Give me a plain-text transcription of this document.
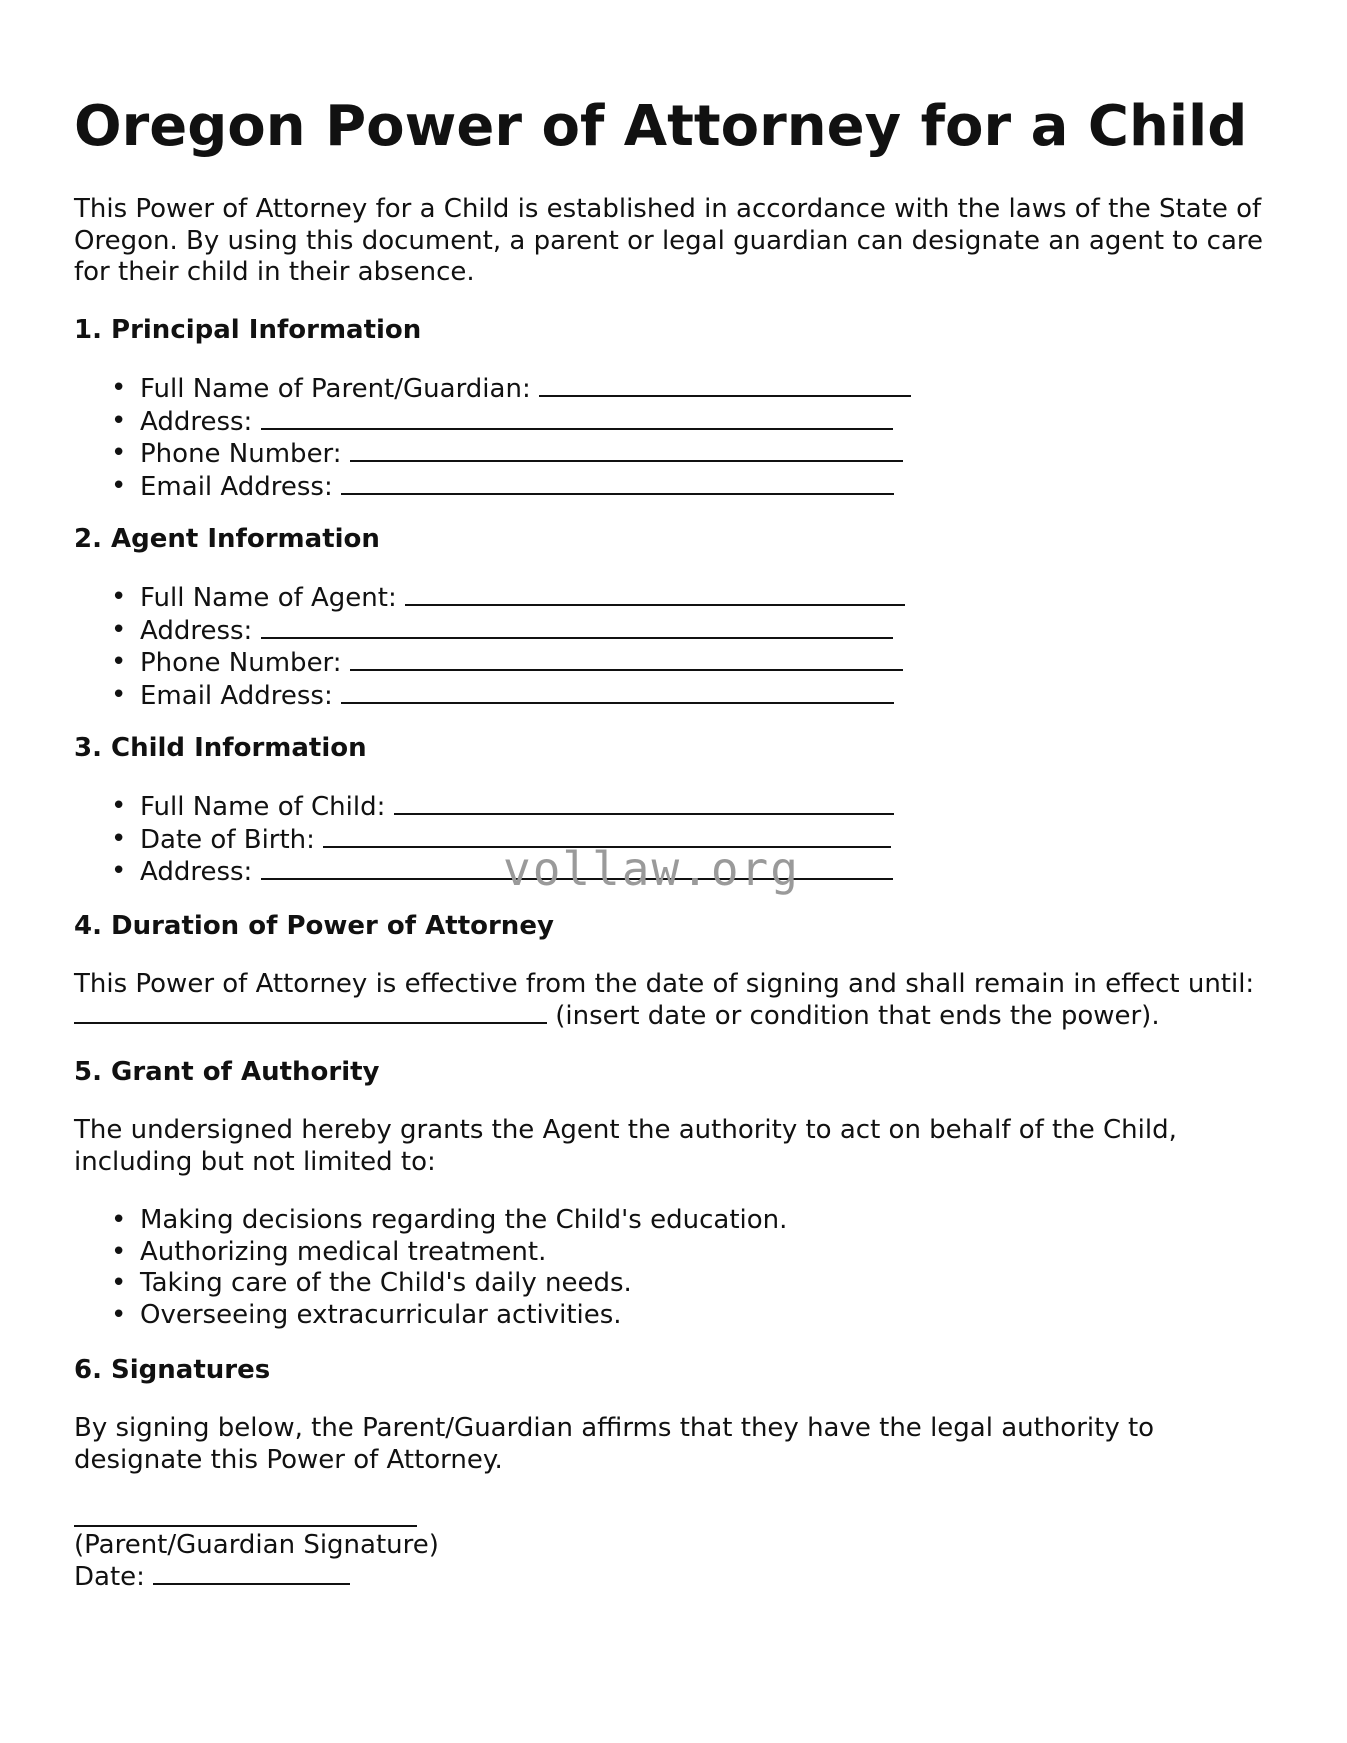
Oregon Power of Attorney for a Child

This Power of Attorney for a Child is established in accordance with the laws of the State of Oregon. By using this document, a parent or legal guardian can designate an agent to care for their child in their absence.

1. Principal Information
• Full Name of Parent/Guardian:
• Address:
• Phone Number:
• Email Address:
2. Agent Information
• Full Name of Agent:
• Address:
• Phone Number:
• Email Address:
3. Child Information
• Full Name of Child:
• Date of Birth:
• Address:
4. Duration of Power of Attorney
This Power of Attorney is effective from the date of signing and shall remain in effect until:
(insert date or condition that ends the power).
5. Grant of Authority

The undersigned hereby grants the Agent the authority to act on behalf of the Child, including but not limited to:

• Making decisions regarding the Child's education.
• Authorizing medical treatment.
• Taking care of the Child's daily needs.
• Overseeing extracurricular activities.
6. Signatures

By signing below, the Parent/Guardian affirms that they have the legal authority to designate this Power of Attorney.

(Parent/Guardian Signature)
Date:
vollaw.org
